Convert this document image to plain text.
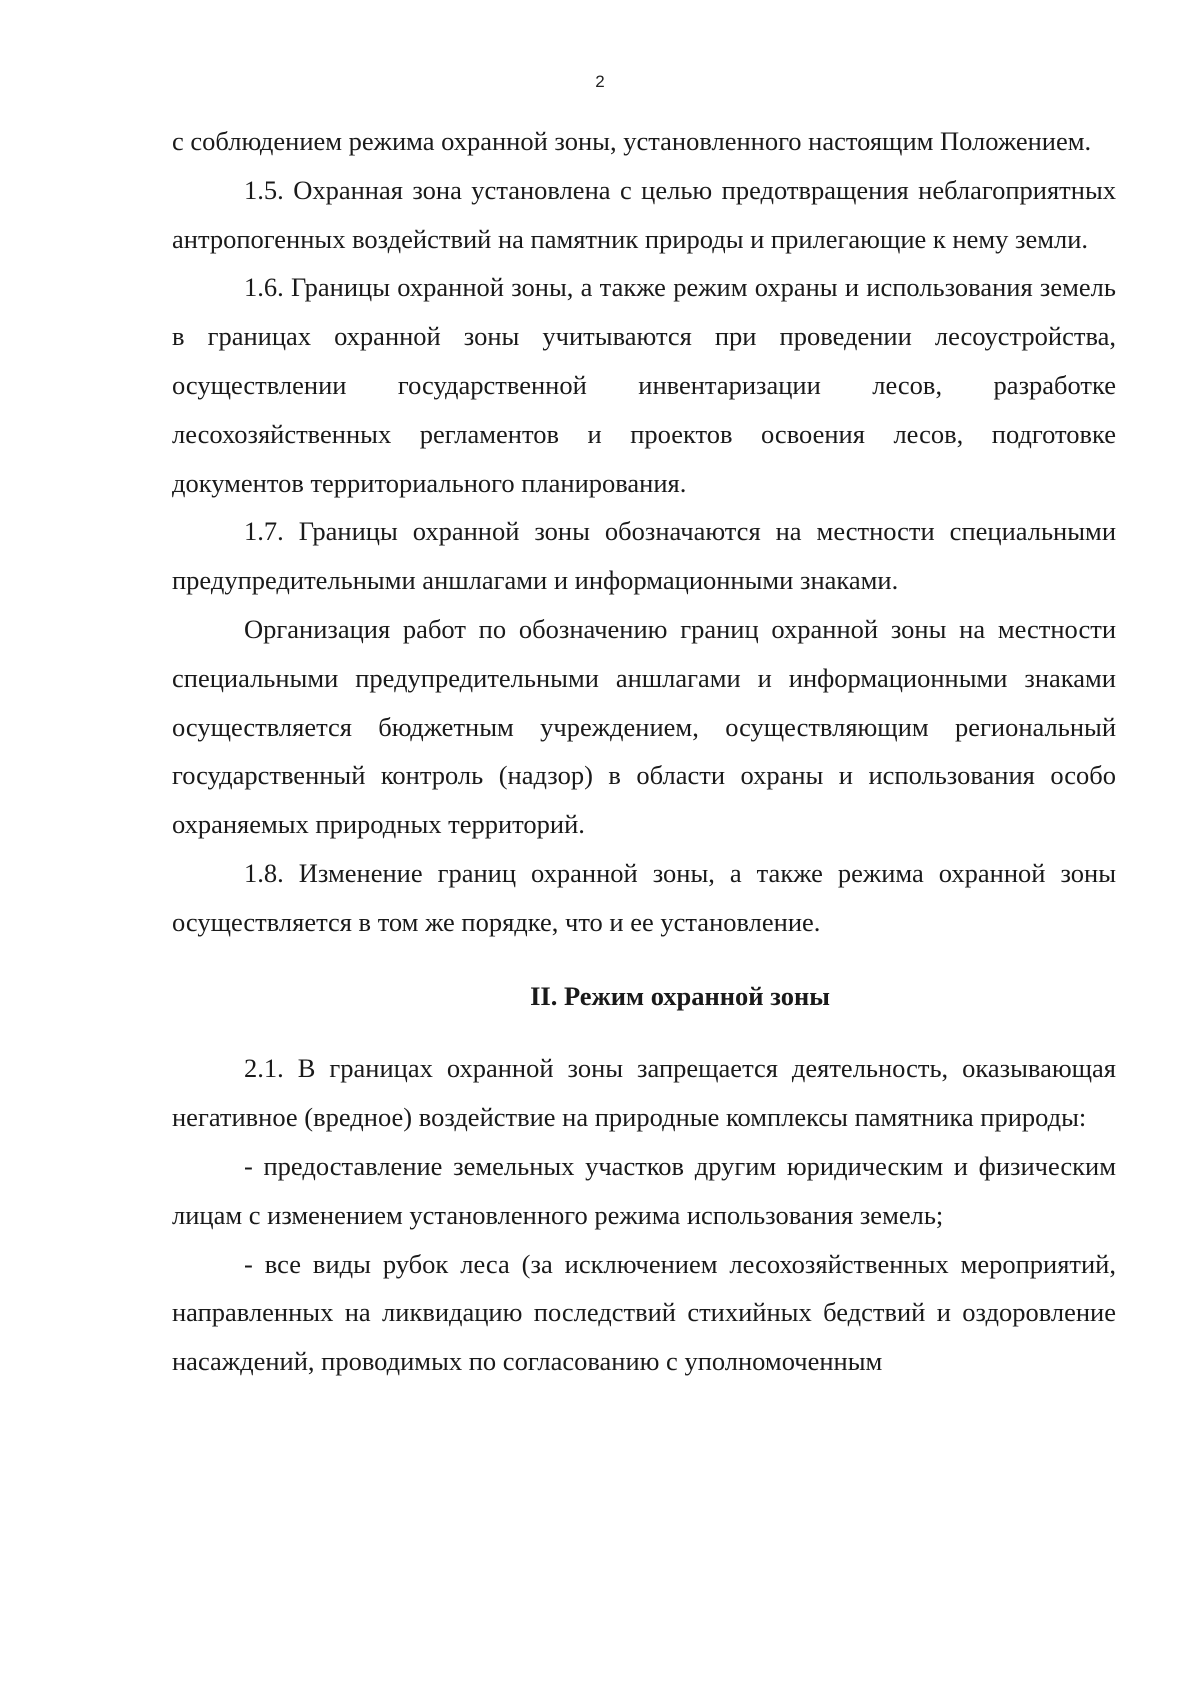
2

с соблюдением режима охранной зоны, установленного настоящим Положением.

1.5. Охранная зона установлена с целью предотвращения неблагоприятных антропогенных воздействий на памятник природы и прилегающие к нему земли.

1.6. Границы охранной зоны, а также режим охраны и использования земель в границах охранной зоны учитываются при проведении лесоустройства, осуществлении государственной инвентаризации лесов, разработке лесохозяйственных регламентов и проектов освоения лесов, подготовке документов территориального планирования.

1.7. Границы охранной зоны обозначаются на местности специальными предупредительными аншлагами и информационными знаками.

Организация работ по обозначению границ охранной зоны на местности специальными предупредительными аншлагами и информационными знаками осуществляется бюджетным учреждением, осуществляющим региональный государственный контроль (надзор) в области охраны и использования особо охраняемых природных территорий.

1.8. Изменение границ охранной зоны, а также режима охранной зоны осуществляется в том же порядке, что и ее установление.

II. Режим охранной зоны

2.1. В границах охранной зоны запрещается деятельность, оказывающая негативное (вредное) воздействие на природные комплексы памятника природы:

- предоставление земельных участков другим юридическим и физическим лицам с изменением установленного режима использования земель;

- все виды рубок леса (за исключением лесохозяйственных мероприятий, направленных на ликвидацию последствий стихийных бедствий и оздоровление насаждений, проводимых по согласованию с уполномоченным
